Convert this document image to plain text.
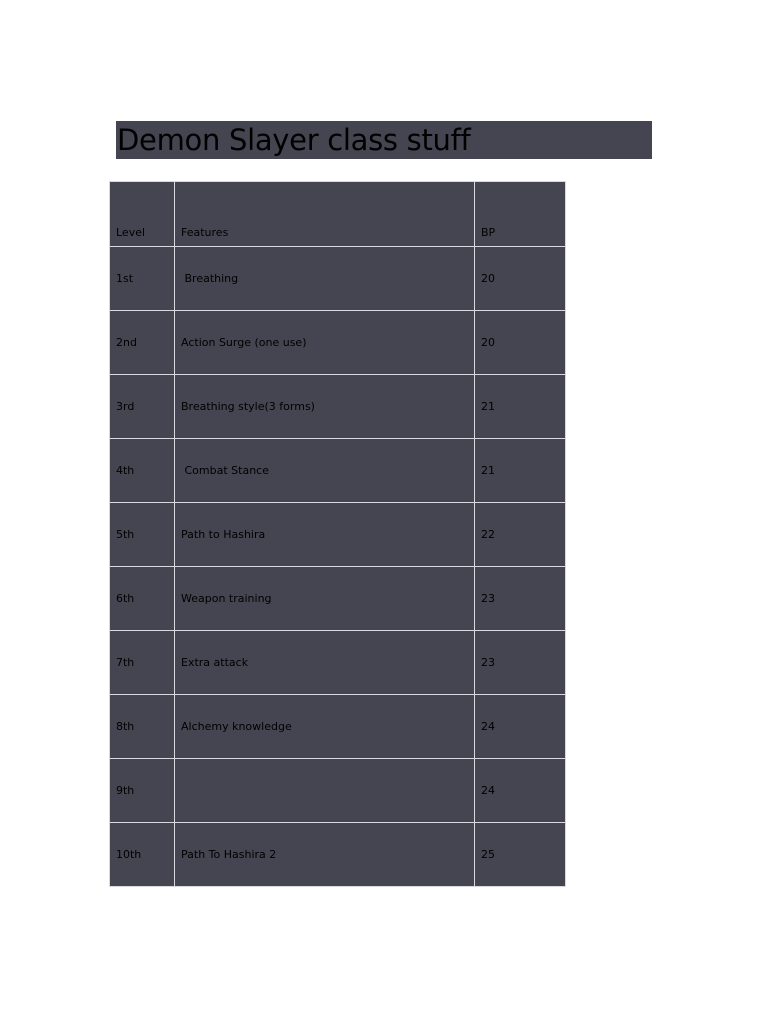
Demon Slayer class stuff
Level	Features	BP
1st	Breathing	20
2nd	Action Surge (one use)	20
3rd	Breathing style(3 forms)	21
4th	Combat Stance	21
5th	Path to Hashira	22
6th	Weapon training	23
7th	Extra attack	23
8th	Alchemy knowledge	24
9th		24
10th	Path To Hashira 2	25
